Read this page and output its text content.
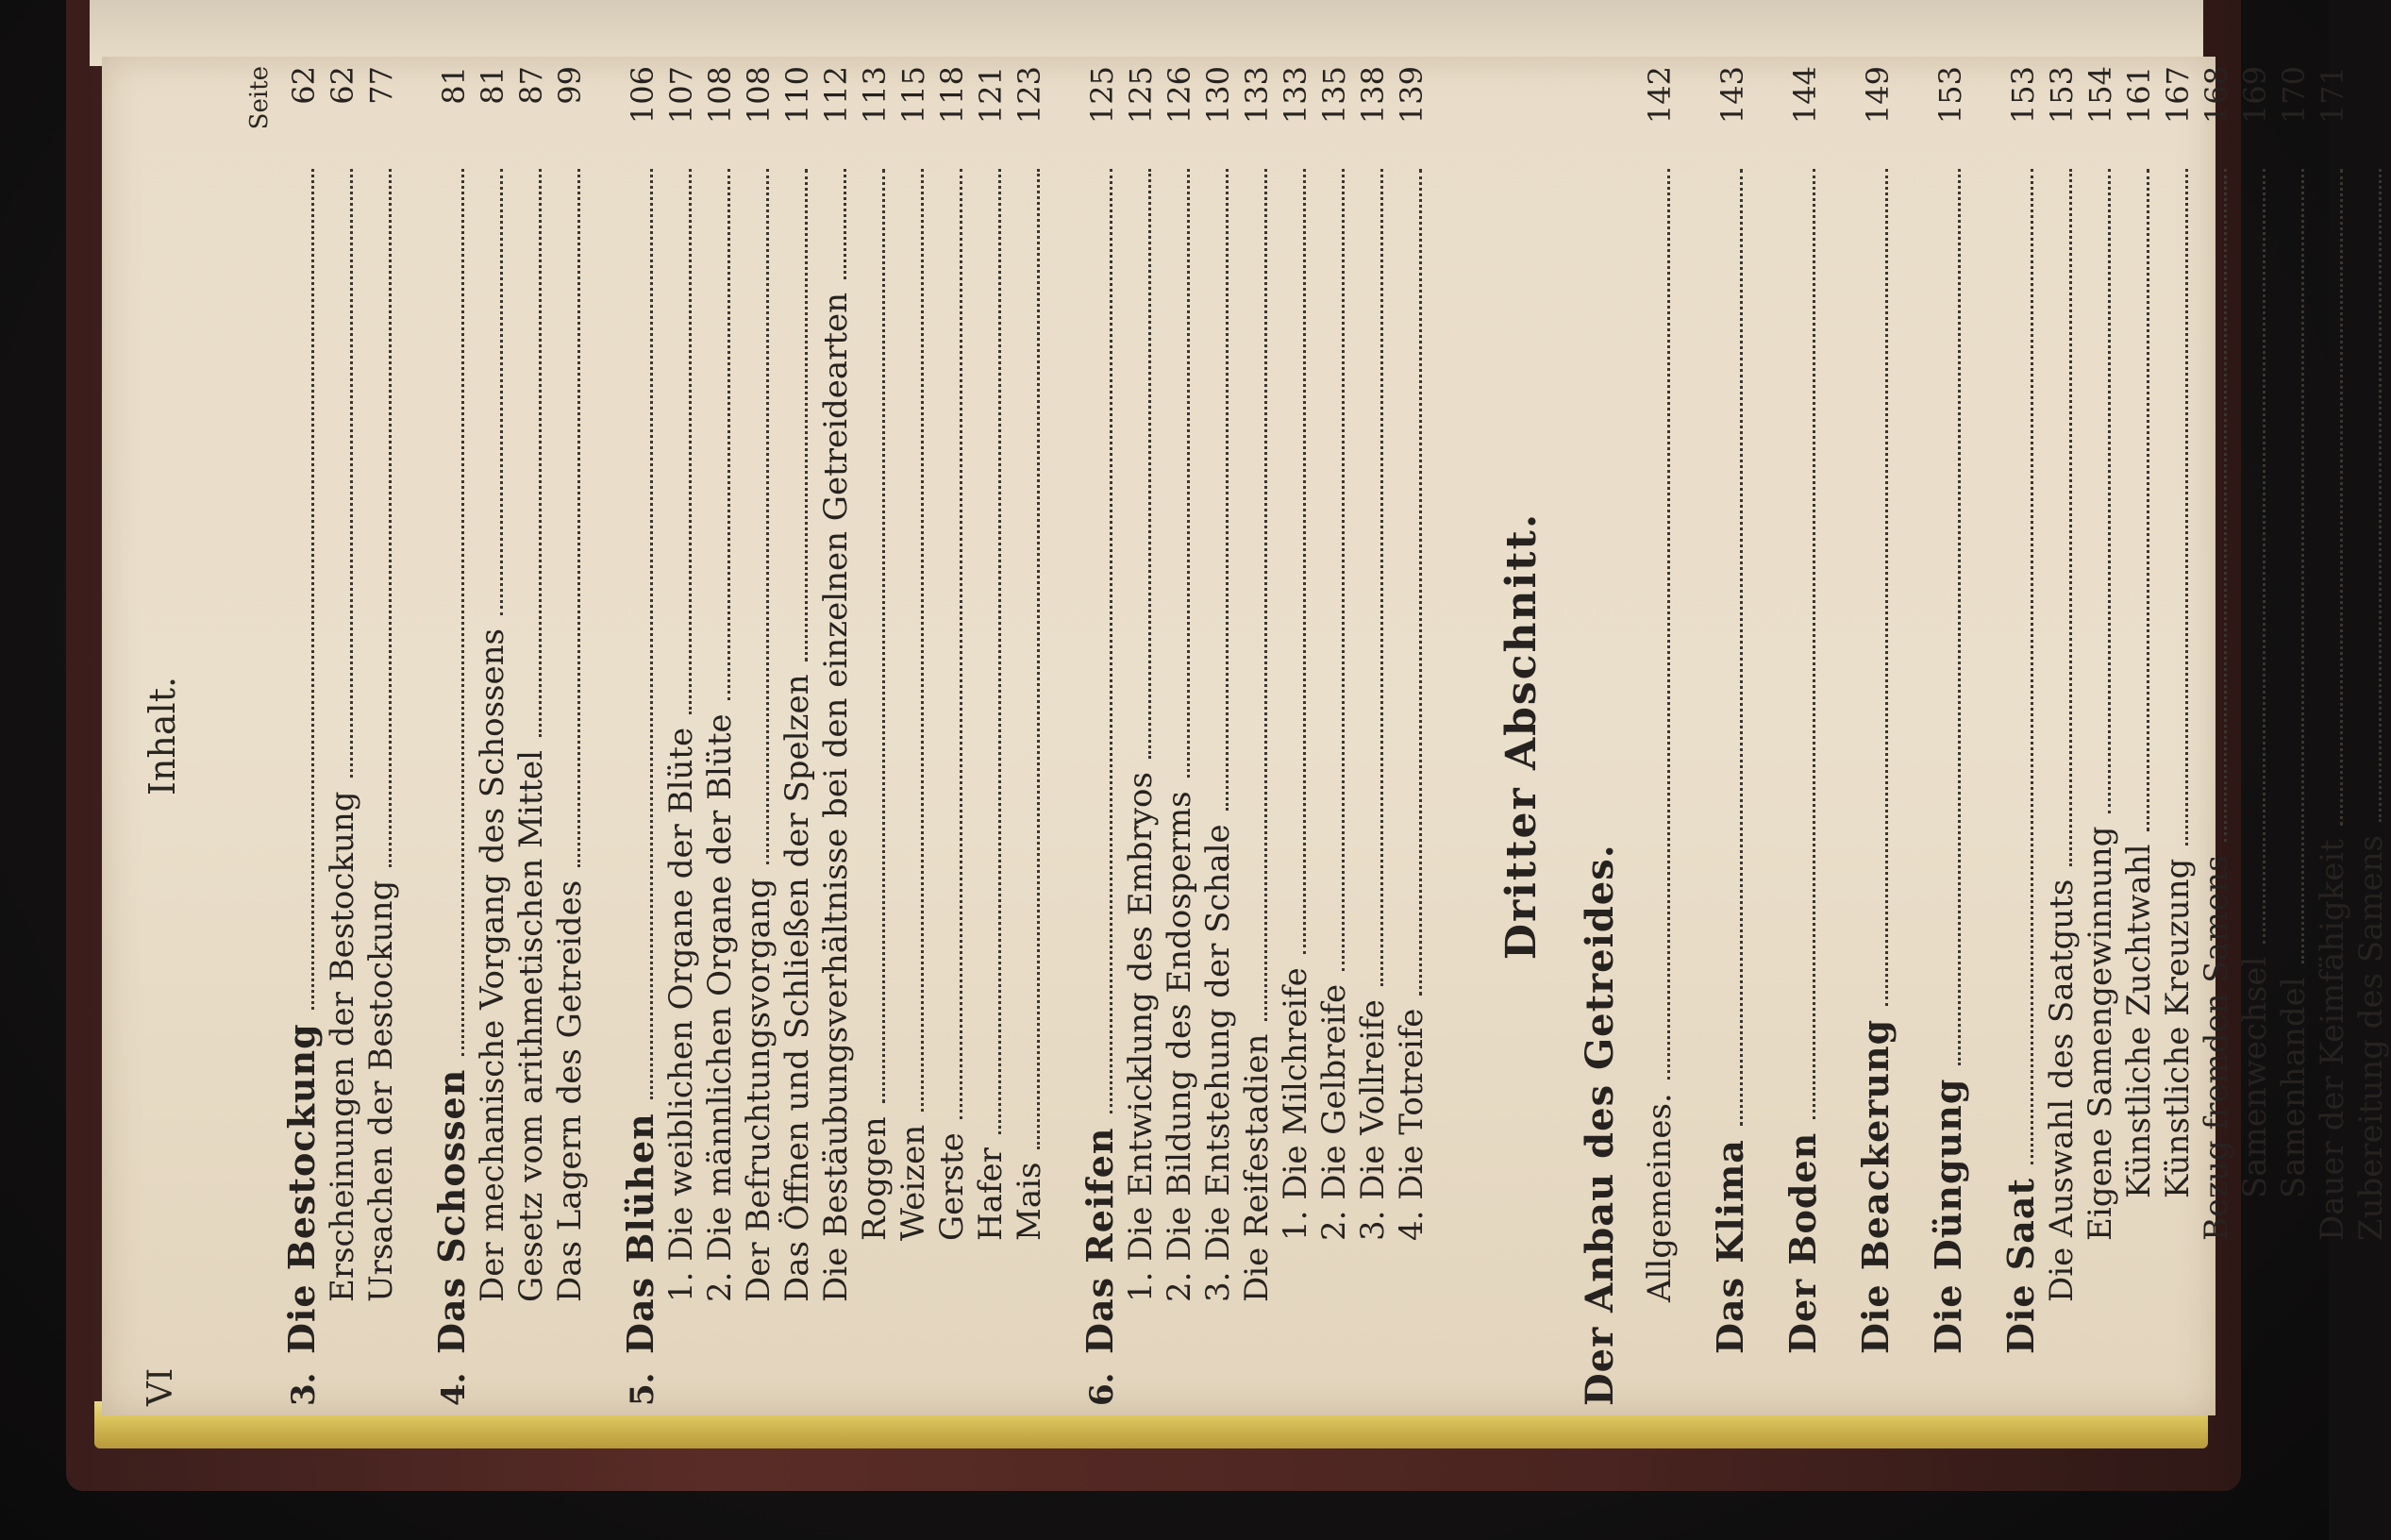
VI
Inhalt.
Seite
3.
Die Bestockung
62
Erscheinungen der Bestockung
62
Ursachen der Bestockung
77
4.
Das Schossen
81
Der mechanische Vorgang des Schossens
81
Gesetz vom arithmetischen Mittel
87
Das Lagern des Getreides
99
5.
Das Blühen
106
1. Die weiblichen Organe der Blüte
107
2. Die männlichen Organe der Blüte
108
Der Befruchtungsvorgang
108
Das Öffnen und Schließen der Spelzen
110
Die Bestäubungsverhältnisse bei den einzelnen Getreidearten
112
Roggen
113
Weizen
115
Gerste
118
Hafer
121
Mais
123
6.
Das Reifen
125
1. Die Entwicklung des Embryos
125
2. Die Bildung des Endosperms
126
3. Die Entstehung der Schale
130
Die Reifestadien
133
1. Die Milchreife
133
2. Die Gelbreife
135
3. Die Vollreife
138
4. Die Totreife
139
Dritter Abschnitt.
Der Anbau des Getreides. Allgemeines.
142
Das Klima
143
Der Boden
144
Die Beackerung
149
Die Düngung
153
Die Saat
153
Die Auswahl des Saatguts
153
Eigene Samengewinnung
154
Künstliche Zuchtwahl
161
Künstliche Kreuzung
167
Bezug fremden Samens
168
Samenwechsel
169
Samenhandel
170
Dauer der Keimfähigkeit
171
Zubereitung des Samens
